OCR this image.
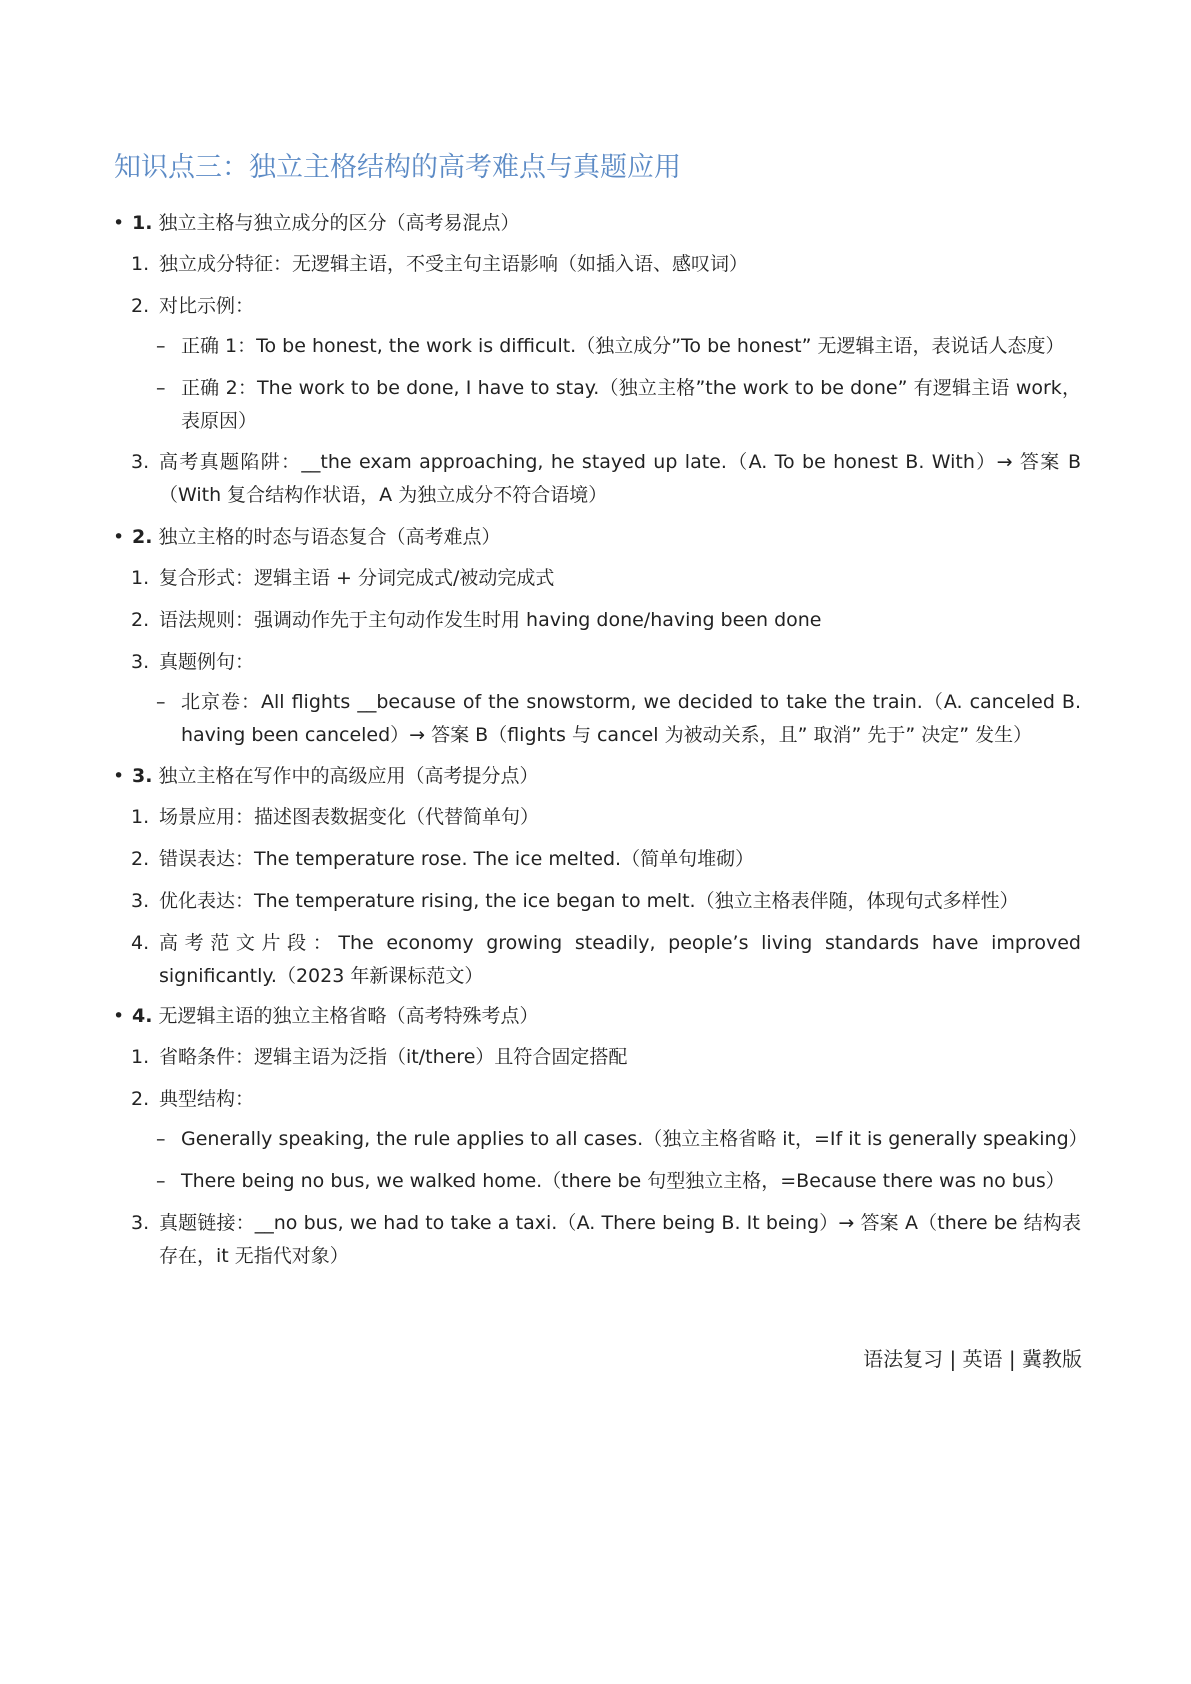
知识点三：独立主格结构的高考难点与真题应用
• 1. 独立主格与独立成分的区分（高考易混点）
1. 独立成分特征：无逻辑主语，不受主句主语影响（如插入语、感叹词）
2. 对比示例：
– 正确 1：To be honest, the work is difficult.（独立成分”To be honest” 无逻辑主语，表说话人态度）
– 正确 2：The work to be done, I have to stay.（独立主格”the work to be done” 有逻辑主语 work，表原因）
3. 高考真题陷阱：__the exam approaching, he stayed up late.（A. To be honest B. With）→ 答案 B（With 复合结构作状语，A 为独立成分不符合语境）
• 2. 独立主格的时态与语态复合（高考难点）
1. 复合形式：逻辑主语 + 分词完成式/被动完成式
2. 语法规则：强调动作先于主句动作发生时用 having done/having been done
3. 真题例句：
– 北京卷：All flights __because of the snowstorm, we decided to take the train.（A. canceled B. having been canceled）→ 答案 B（flights 与 cancel 为被动关系，且” 取消” 先于” 决定” 发生）
• 3. 独立主格在写作中的高级应用（高考提分点）
1. 场景应用：描述图表数据变化（代替简单句）
2. 错误表达：The temperature rose. The ice melted.（简单句堆砌）
3. 优化表达：The temperature rising, the ice began to melt.（独立主格表伴随，体现句式多样性）
4. 高考范文片段：The economy growing steadily, people’s living standards have improved significantly.（2023 年新课标范文）
• 4. 无逻辑主语的独立主格省略（高考特殊考点）
1. 省略条件：逻辑主语为泛指（it/there）且符合固定搭配
2. 典型结构：
– Generally speaking, the rule applies to all cases.（独立主格省略 it，=If it is generally speaking）
– There being no bus, we walked home.（there be 句型独立主格，=Because there was no bus）
3. 真题链接：__no bus, we had to take a taxi.（A. There being B. It being）→ 答案 A（there be 结构表存在，it 无指代对象）
语法复习 | 英语 | 冀教版
